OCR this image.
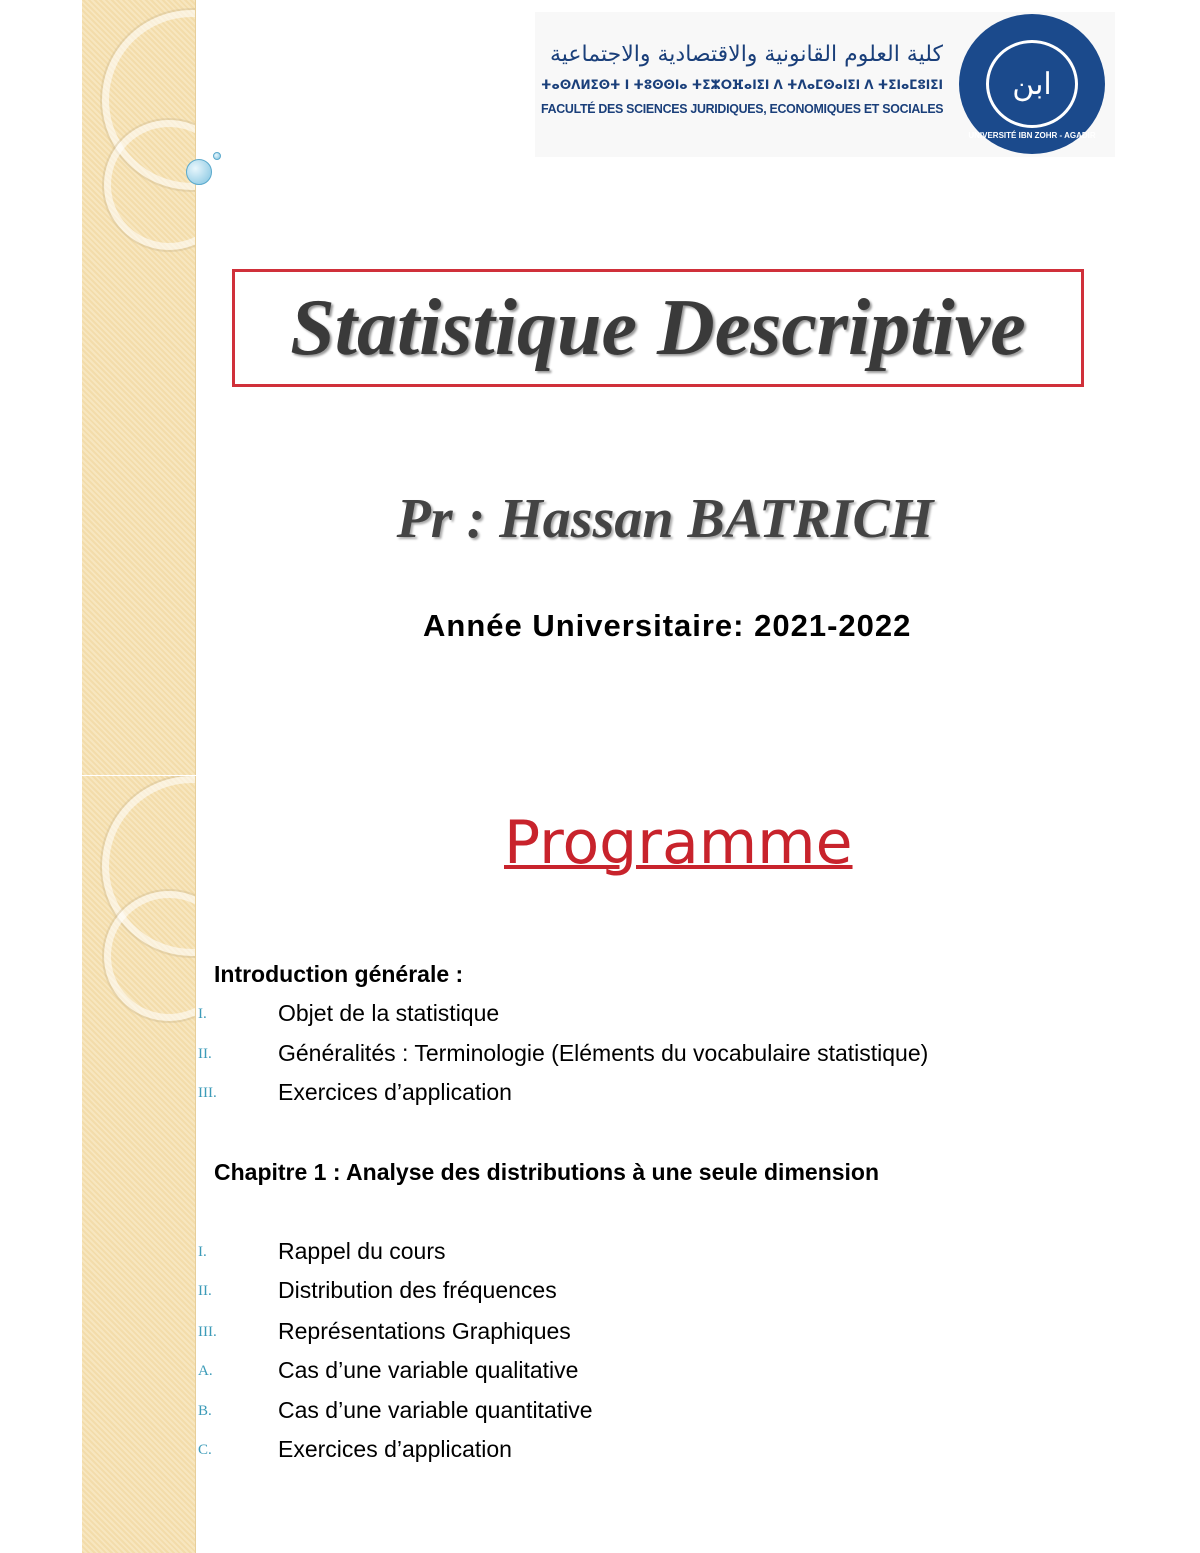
ابن
UNIVERSITÉ IBN ZOHR - AGADIR
كلية العلوم القانونية والاقتصادية والاجتماعية
ⵜⴰⵙⴷⵍⵉⵙⵜ ⵏ ⵜⵓⵙⵙⵏⴰ ⵜⵉⵣⵔⴼⴰⵏⵉⵏ ⴷ ⵜⴷⴰⵎⵙⴰⵏⵉⵏ ⴷ ⵜⵉⵏⴰⵎⵓⵏⵉⵏ
FACULTÉ DES SCIENCES JURIDIQUES, ECONOMIQUES ET SOCIALES
Statistique Descriptive
Pr : Hassan BATRICH
Année Universitaire: 2021-2022
Programme
Introduction générale :
I.	Objet de la statistique
II.	Généralités : Terminologie (Eléments du vocabulaire statistique)
III.	Exercices d’application
Chapitre 1 : Analyse des distributions à une seule dimension
I.	Rappel du cours
II.	Distribution des fréquences
III.	Représentations Graphiques
A.	Cas d’une variable qualitative
B.	Cas d’une variable quantitative
C.	Exercices d’application
